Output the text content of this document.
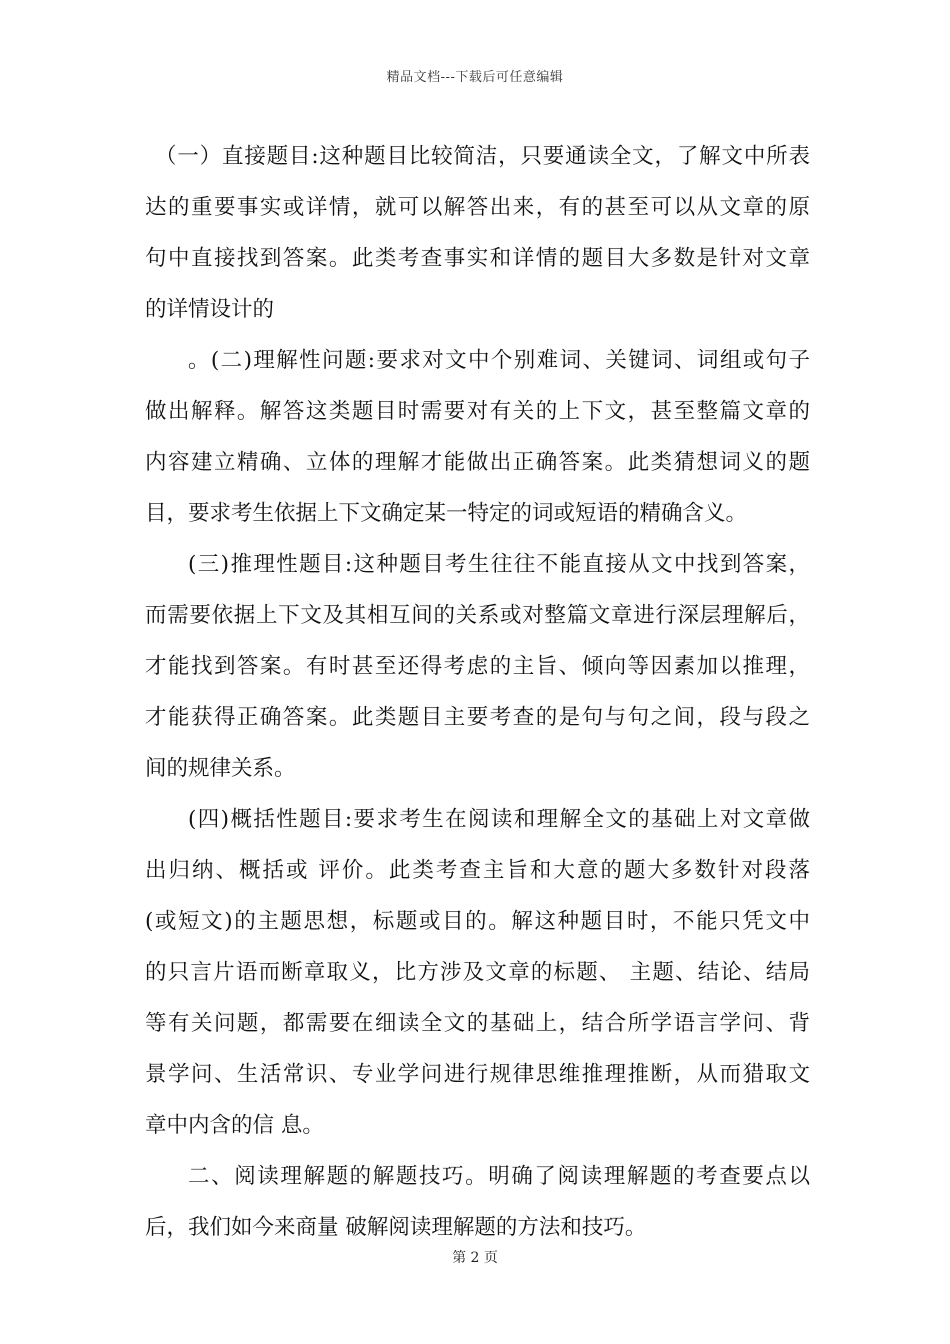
精品文档---下载后可任意编辑
（一）直接题目:这种题目比较简洁，只要通读全文，了解文中所表
达的重要事实或详情，就可以解答出来，有的甚至可以从文章的原
句中直接找到答案。此类考查事实和详情的题目大多数是针对文章
的详情设计的
。(二)理解性问题:要求对文中个别难词、关键词、词组或句子
做出解释。解答这类题目时需要对有关的上下文，甚至整篇文章的
内容建立精确、立体的理解才能做出正确答案。此类猜想词义的题
目，要求考生依据上下文确定某一特定的词或短语的精确含义。
(三)推理性题目:这种题目考生往往不能直接从文中找到答案，
而需要依据上下文及其相互间的关系或对整篇文章进行深层理解后，
才能找到答案。有时甚至还得考虑的主旨、倾向等因素加以推理，
才能获得正确答案。此类题目主要考查的是句与句之间，段与段之
间的规律关系。
(四)概括性题目:要求考生在阅读和理解全文的基础上对文章做
出归纳、概括或 评价。此类考查主旨和大意的题大多数针对段落
(或短文)的主题思想，标题或目的。解这种题目时，不能只凭文中
的只言片语而断章取义，比方涉及文章的标题、 主题、结论、结局
等有关问题，都需要在细读全文的基础上，结合所学语言学问、背
景学问、生活常识、专业学问进行规律思维推理推断，从而猎取文
章中内含的信 息。
二、阅读理解题的解题技巧。明确了阅读理解题的考查要点以
后，我们如今来商量 破解阅读理解题的方法和技巧。
第 2 页
